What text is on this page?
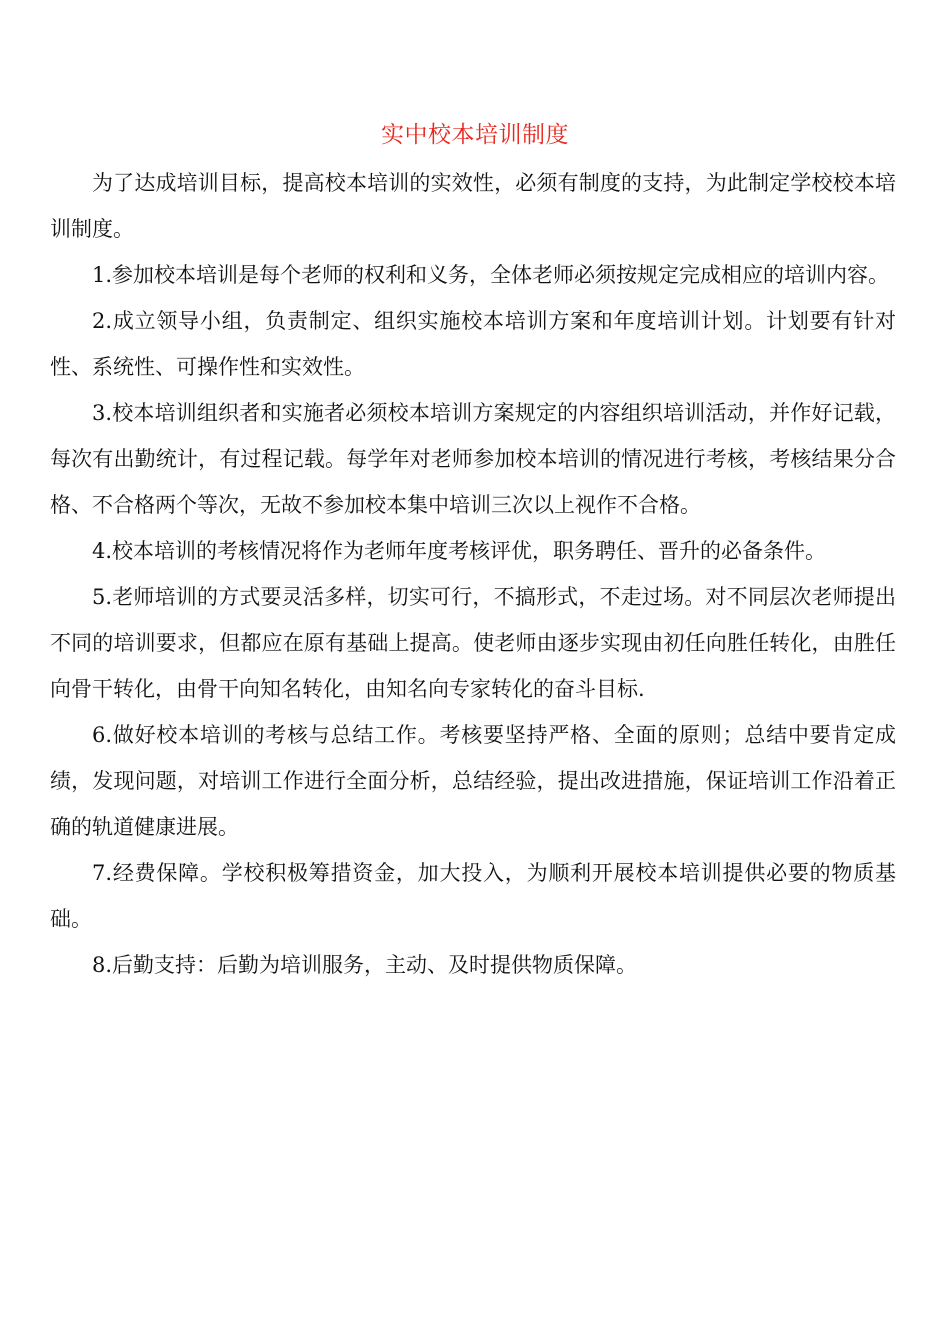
实中校本培训制度

为了达成培训目标，提高校本培训的实效性，必须有制度的支持，为此制定学校校本培训制度。

1.参加校本培训是每个老师的权利和义务，全体老师必须按规定完成相应的培训内容。

2.成立领导小组，负责制定、组织实施校本培训方案和年度培训计划。计划要有针对性、系统性、可操作性和实效性。

3.校本培训组织者和实施者必须校本培训方案规定的内容组织培训活动，并作好记载，每次有出勤统计，有过程记载。每学年对老师参加校本培训的情况进行考核，考核结果分合格、不合格两个等次，无故不参加校本集中培训三次以上视作不合格。

4.校本培训的考核情况将作为老师年度考核评优，职务聘任、晋升的必备条件。

5.老师培训的方式要灵活多样，切实可行，不搞形式，不走过场。对不同层次老师提出不同的培训要求，但都应在原有基础上提高。使老师由逐步实现由初任向胜任转化，由胜任向骨干转化，由骨干向知名转化，由知名向专家转化的奋斗目标.

6.做好校本培训的考核与总结工作。考核要坚持严格、全面的原则；总结中要肯定成绩，发现问题，对培训工作进行全面分析，总结经验，提出改进措施，保证培训工作沿着正确的轨道健康进展。

7.经费保障。学校积极筹措资金，加大投入，为顺利开展校本培训提供必要的物质基础。

8.后勤支持：后勤为培训服务，主动、及时提供物质保障。
